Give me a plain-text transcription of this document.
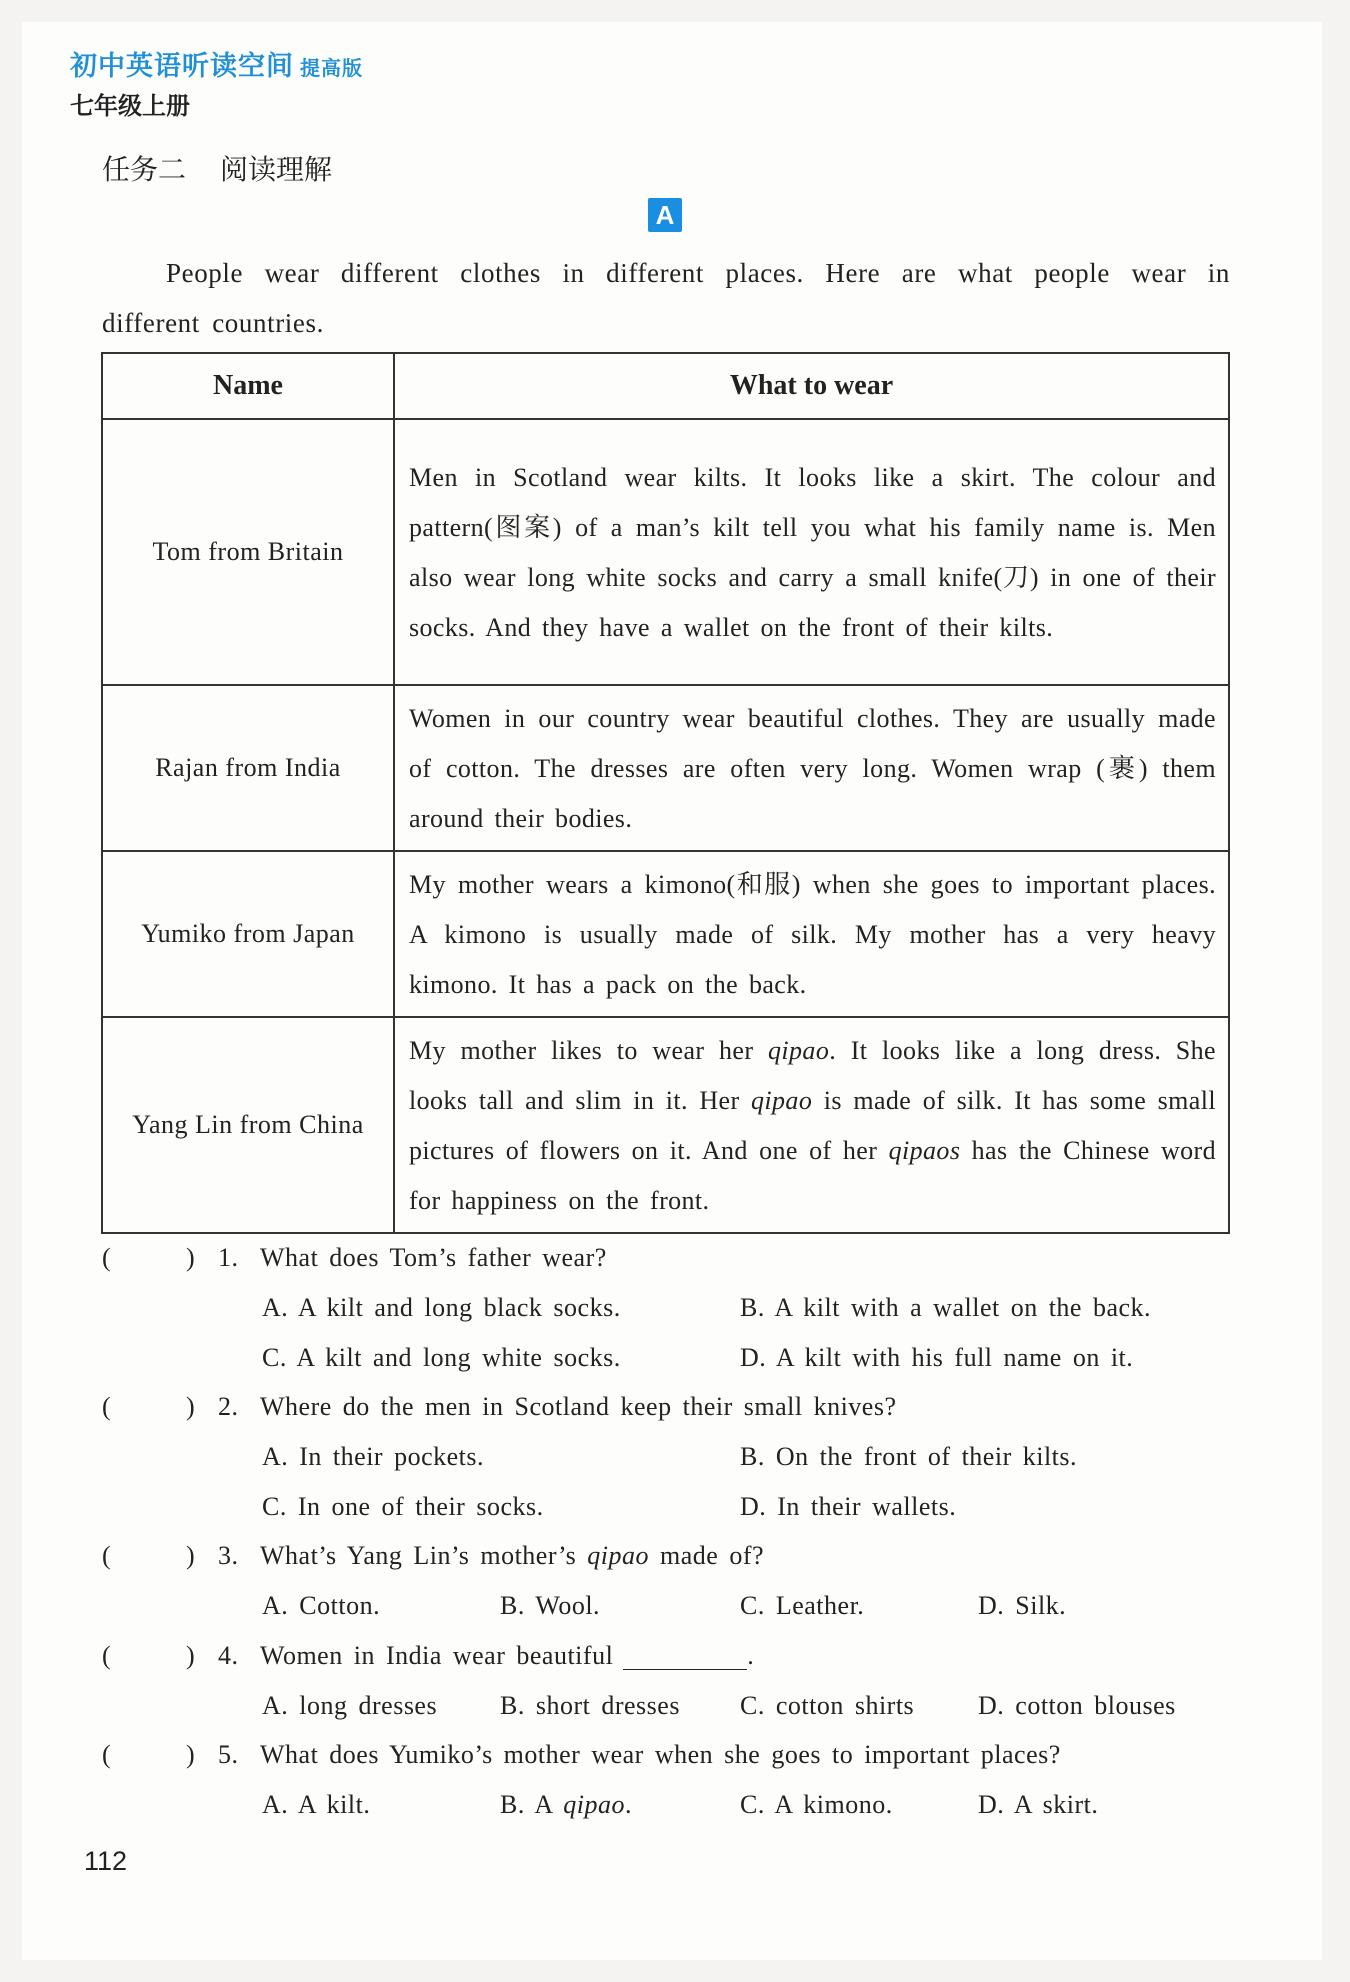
初中英语听读空间 提高版
七年级上册
任务二 阅读理解
A
People wear different clothes in different places. Here are what people wear in different countries.
Name	What to wear
Tom from Britain	Men in Scotland wear kilts. It looks like a skirt. The colour and pattern(图案) of a man’s kilt tell you what his family name is. Men also wear long white socks and carry a small knife(刀) in one of their socks. And they have a wallet on the front of their kilts.
Rajan from India	Women in our country wear beautiful clothes. They are usually made of cotton. The dresses are often very long. Women wrap (裹) them around their bodies.
Yumiko from Japan	My mother wears a kimono(和服) when she goes to important places. A kimono is usually made of silk. My mother has a very heavy kimono. It has a pack on the back.
Yang Lin from China	My mother likes to wear her qipao. It looks like a long dress. She looks tall and slim in it. Her qipao is made of silk. It has some small pictures of flowers on it. And one of her qipaos has the Chinese word for happiness on the front.
(	) 1. What does Tom’s father wear?
A. A kilt and long black socks.	B. A kilt with a wallet on the back.
C. A kilt and long white socks.	D. A kilt with his full name on it.
(	) 2. Where do the men in Scotland keep their small knives?
A. In their pockets.	B. On the front of their kilts.
C. In one of their socks.	D. In their wallets.
(	) 3. What’s Yang Lin’s mother’s qipao made of?
A. Cotton.	B. Wool.	C. Leather.	D. Silk.
(	) 4. Women in India wear beautiful	.
A. long dresses B. short dresses C. cotton shirts D. cotton blouses
(	) 5. What does Yumiko’s mother wear when she goes to important places?
A. A kilt.	B. A qipao.	C. A kimono.	D. A skirt.
112
